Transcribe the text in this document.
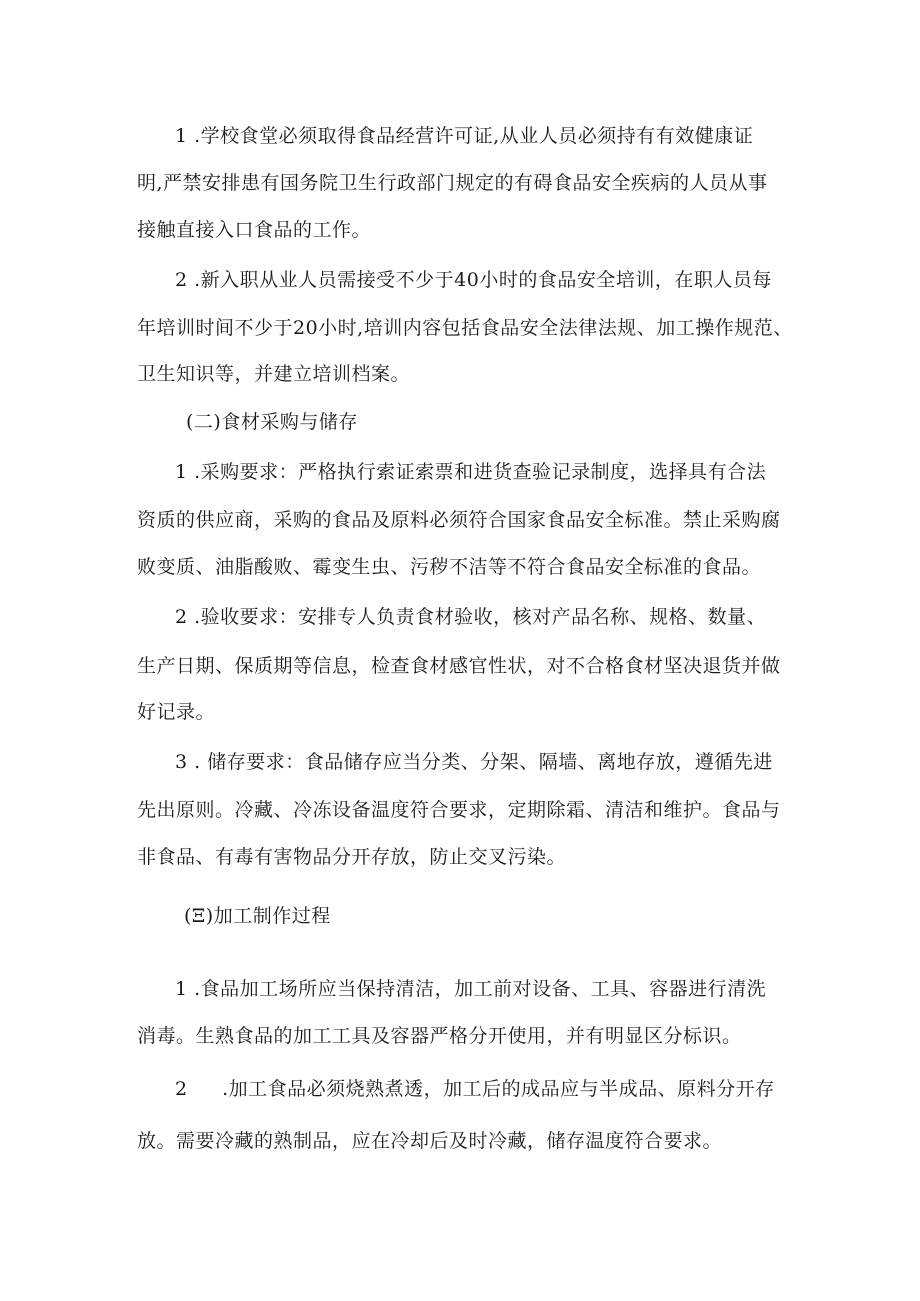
1 .学校食堂必须取得食品经营许可证,从业人员必须持有有效健康证
明,严禁安排患有国务院卫生行政部门规定的有碍食品安全疾病的人员从事
接触直接入口食品的工作。
2 .新入职从业人员需接受不少于40小时的食品安全培训，在职人员每
年培训时间不少于20小时,培训内容包括食品安全法律法规、加工操作规范、
卫生知识等，并建立培训档案。
(二)食材采购与储存
1 .采购要求：严格执行索证索票和进货查验记录制度，选择具有合法
资质的供应商，采购的食品及原料必须符合国家食品安全标准。禁止采购腐
败变质、油脂酸败、霉变生虫、污秽不洁等不符合食品安全标准的食品。
2 .验收要求：安排专人负责食材验收，核对产品名称、规格、数量、
生产日期、保质期等信息，检查食材感官性状，对不合格食材坚决退货并做
好记录。
3 . 储存要求：食品储存应当分类、分架、隔墙、离地存放，遵循先进
先出原则。冷藏、冷冻设备温度符合要求，定期除霜、清洁和维护。食品与
非食品、有毒有害物品分开存放，防止交叉污染。
(Ξ)加工制作过程
1 .食品加工场所应当保持清洁，加工前对设备、工具、容器进行清洗
消毒。生熟食品的加工工具及容器严格分开使用，并有明显区分标识。
2 .加工食品必须烧熟煮透，加工后的成品应与半成品、原料分开存
放。需要冷藏的熟制品，应在冷却后及时冷藏，储存温度符合要求。
